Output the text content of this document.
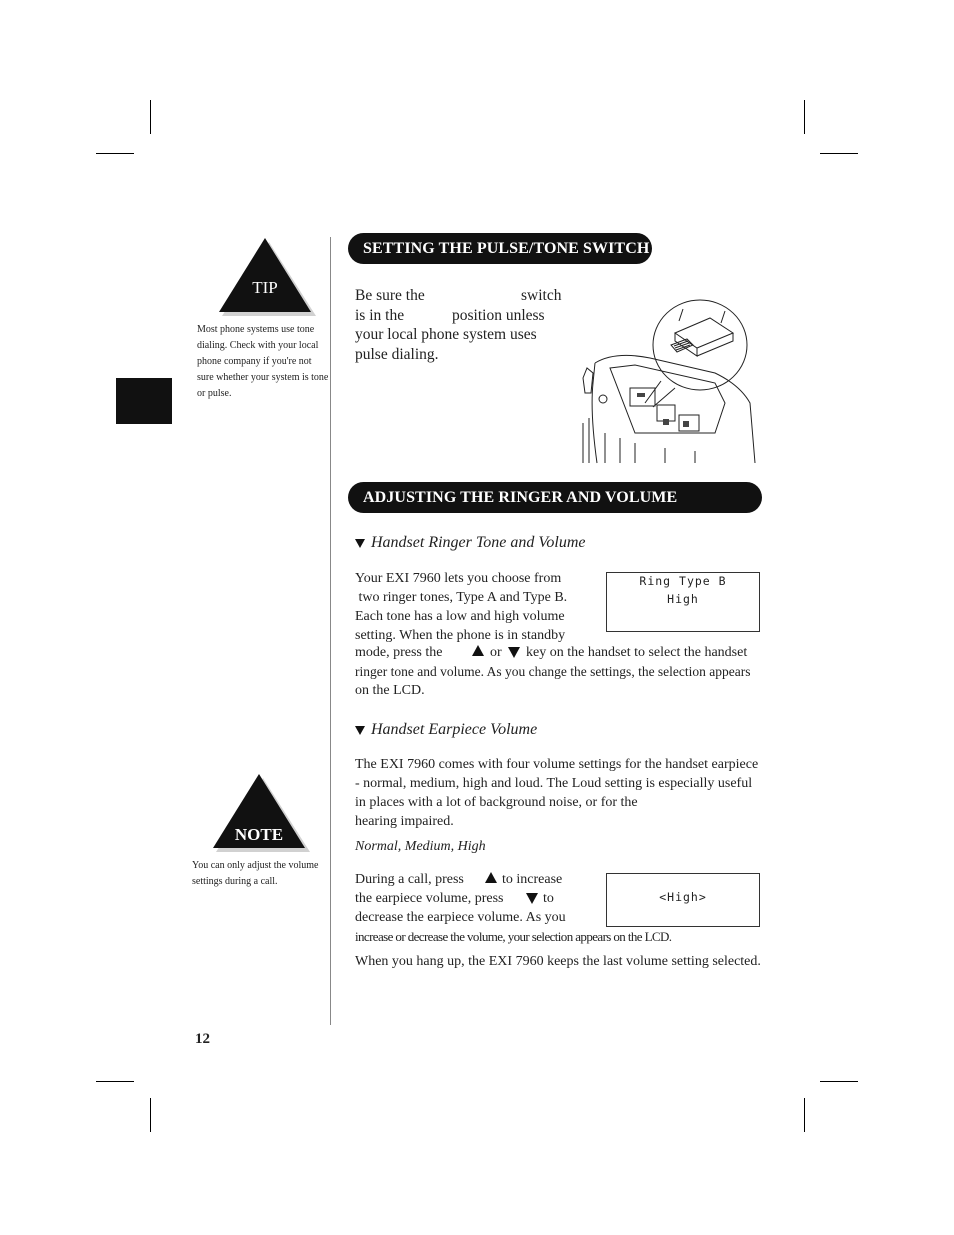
TIP
Most phone systems use tone dialing. Check with your local phone company if you're not sure whether your system is tone or pulse.
NOTE
You can only adjust the volume settings during a call.
SETTING THE PULSE/TONE SWITCH
Be sure the	switch
is in the	position unless
your local phone system uses
pulse dialing.
ADJUSTING THE RINGER AND VOLUME CONTROLS
Handset Ringer Tone and Volume
Your EXI 7960 lets you choose from
two ringer tones, Type A and Type B.
Each tone has a low and high volume
setting. When the phone is in standby
mode, press the	or key on the handset to select the handset
ringer tone and volume. As you change the settings, the selection appears
on the LCD.
Ring Type B
High
Handset Earpiece Volume
The EXI 7960 comes with four volume settings for the handset earpiece
- normal, medium, high and loud. The Loud setting is especially useful
in places with a lot of background noise, or for the
hearing impaired.
Normal, Medium, High
During a call, press	to increase
the earpiece volume, press	to
decrease the earpiece volume. As you
increase or decrease the volume, your selection appears on the LCD.
<High>
When you hang up, the EXI 7960 keeps the last volume setting selected.
12
